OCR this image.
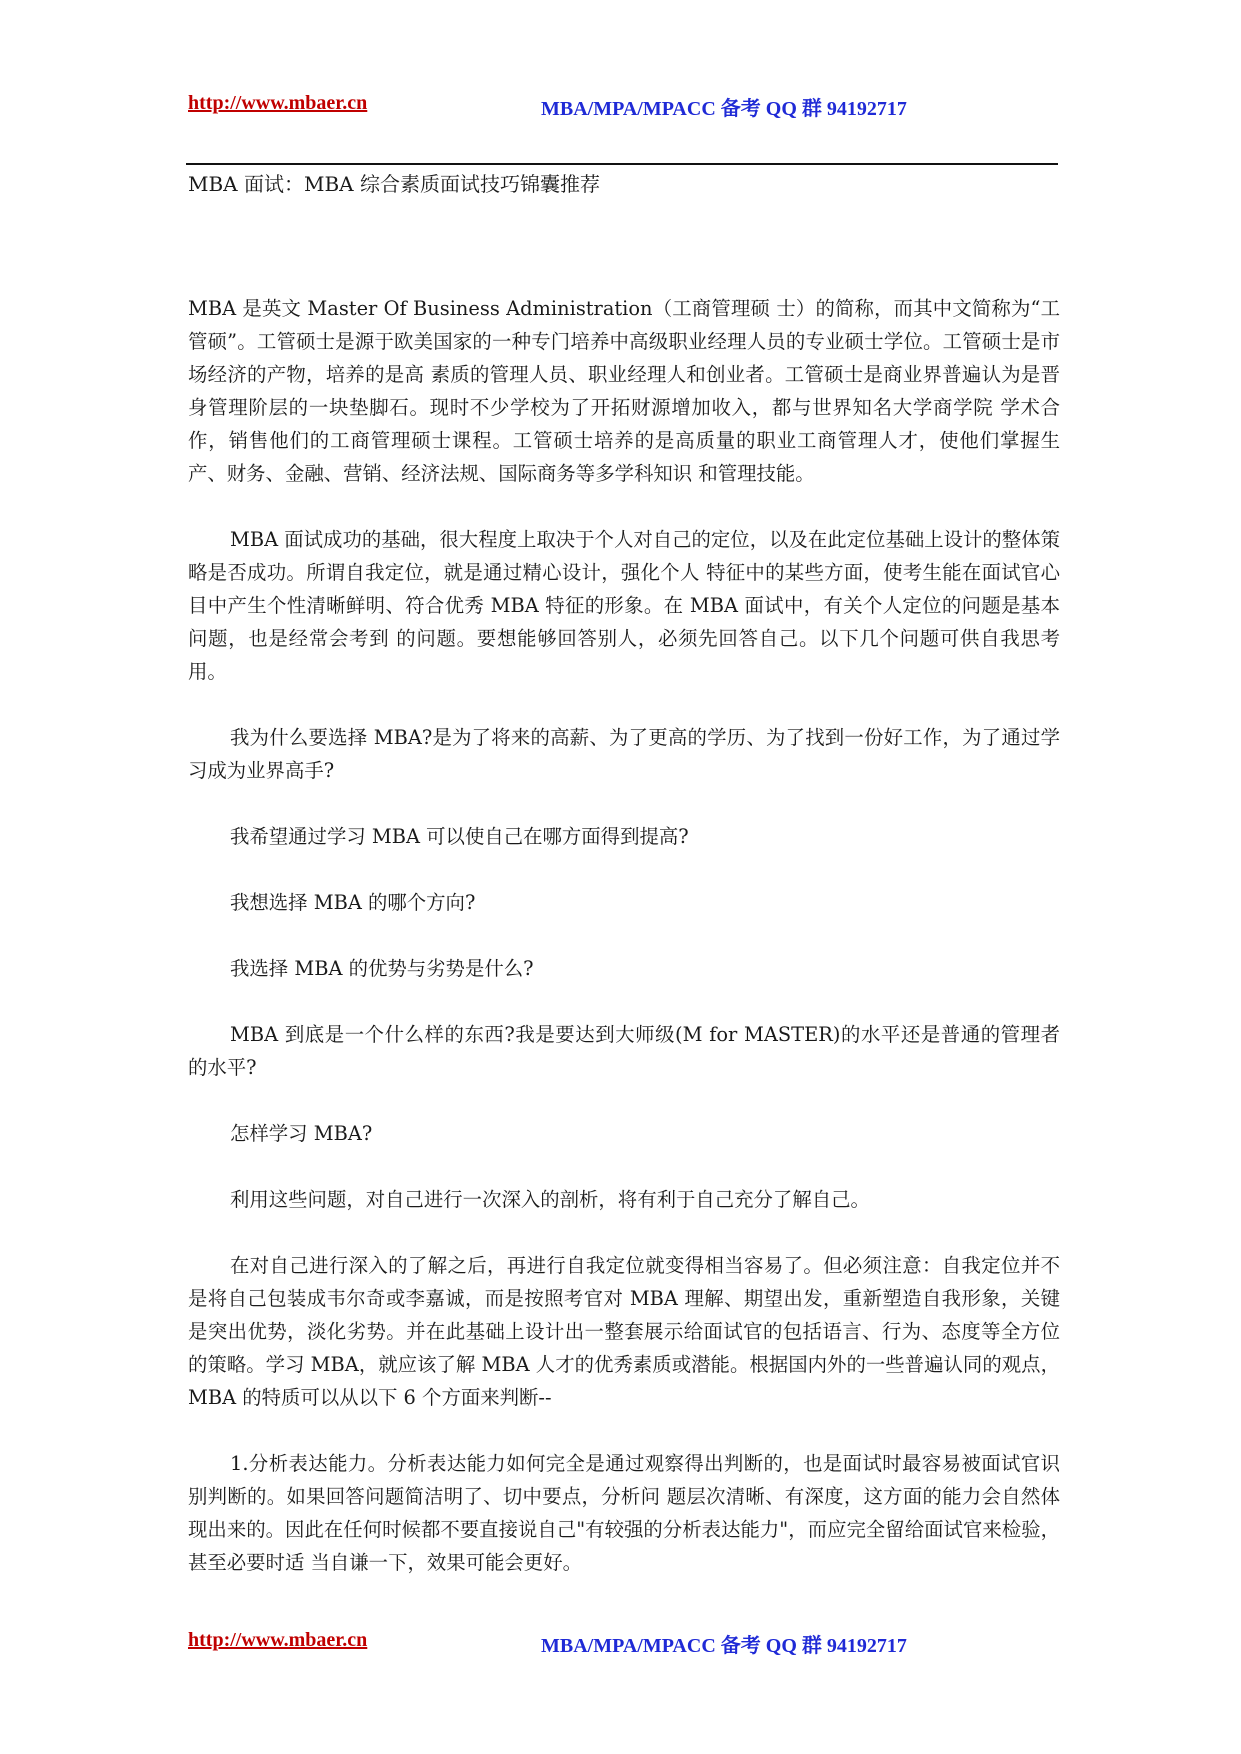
http://www.mbaer.cn	MBA/MPA/MPACC 备考 QQ 群 94192717
MBA 面试：MBA 综合素质面试技巧锦囊推荐

MBA 是英文 Master Of Business Administration（工商管理硕 士）的简称，而其中文简称为“工管硕”。工管硕士是源于欧美国家的一种专门培养中高级职业经理人员的专业硕士学位。工管硕士是市场经济的产物，培养的是高 素质的管理人员、职业经理人和创业者。工管硕士是商业界普遍认为是晋身管理阶层的一块垫脚石。现时不少学校为了开拓财源增加收入，都与世界知名大学商学院 学术合作，销售他们的工商管理硕士课程。工管硕士培养的是高质量的职业工商管理人才，使他们掌握生产、财务、金融、营销、经济法规、国际商务等多学科知识 和管理技能。

MBA 面试成功的基础，很大程度上取决于个人对自己的定位，以及在此定位基础上设计的整体策略是否成功。所谓自我定位，就是通过精心设计，强化个人 特征中的某些方面，使考生能在面试官心目中产生个性清晰鲜明、符合优秀 MBA 特征的形象。在 MBA 面试中，有关个人定位的问题是基本问题，也是经常会考到 的问题。要想能够回答别人，必须先回答自己。以下几个问题可供自我思考用。

我为什么要选择 MBA?是为了将来的高薪、为了更高的学历、为了找到一份好工作，为了通过学习成为业界高手?

我希望通过学习 MBA 可以使自己在哪方面得到提高?

我想选择 MBA 的哪个方向?

我选择 MBA 的优势与劣势是什么?

MBA 到底是一个什么样的东西?我是要达到大师级(M for MASTER)的水平还是普通的管理者的水平?

怎样学习 MBA?

利用这些问题，对自己进行一次深入的剖析，将有利于自己充分了解自己。

在对自己进行深入的了解之后，再进行自我定位就变得相当容易了。但必须注意：自我定位并不是将自己包装成韦尔奇或李嘉诚，而是按照考官对 MBA 理解、期望出发，重新塑造自我形象，关键是突出优势，淡化劣势。并在此基础上设计出一整套展示给面试官的包括语言、行为、态度等全方位的策略。学习 MBA，就应该了解 MBA 人才的优秀素质或潜能。根据国内外的一些普遍认同的观点，MBA 的特质可以从以下 6 个方面来判断--

1.分析表达能力。分析表达能力如何完全是通过观察得出判断的，也是面试时最容易被面试官识别判断的。如果回答问题简洁明了、切中要点，分析问 题层次清晰、有深度，这方面的能力会自然体现出来的。因此在任何时候都不要直接说自己"有较强的分析表达能力"，而应完全留给面试官来检验，甚至必要时适 当自谦一下，效果可能会更好。

http://www.mbaer.cn	MBA/MPA/MPACC 备考 QQ 群 94192717
